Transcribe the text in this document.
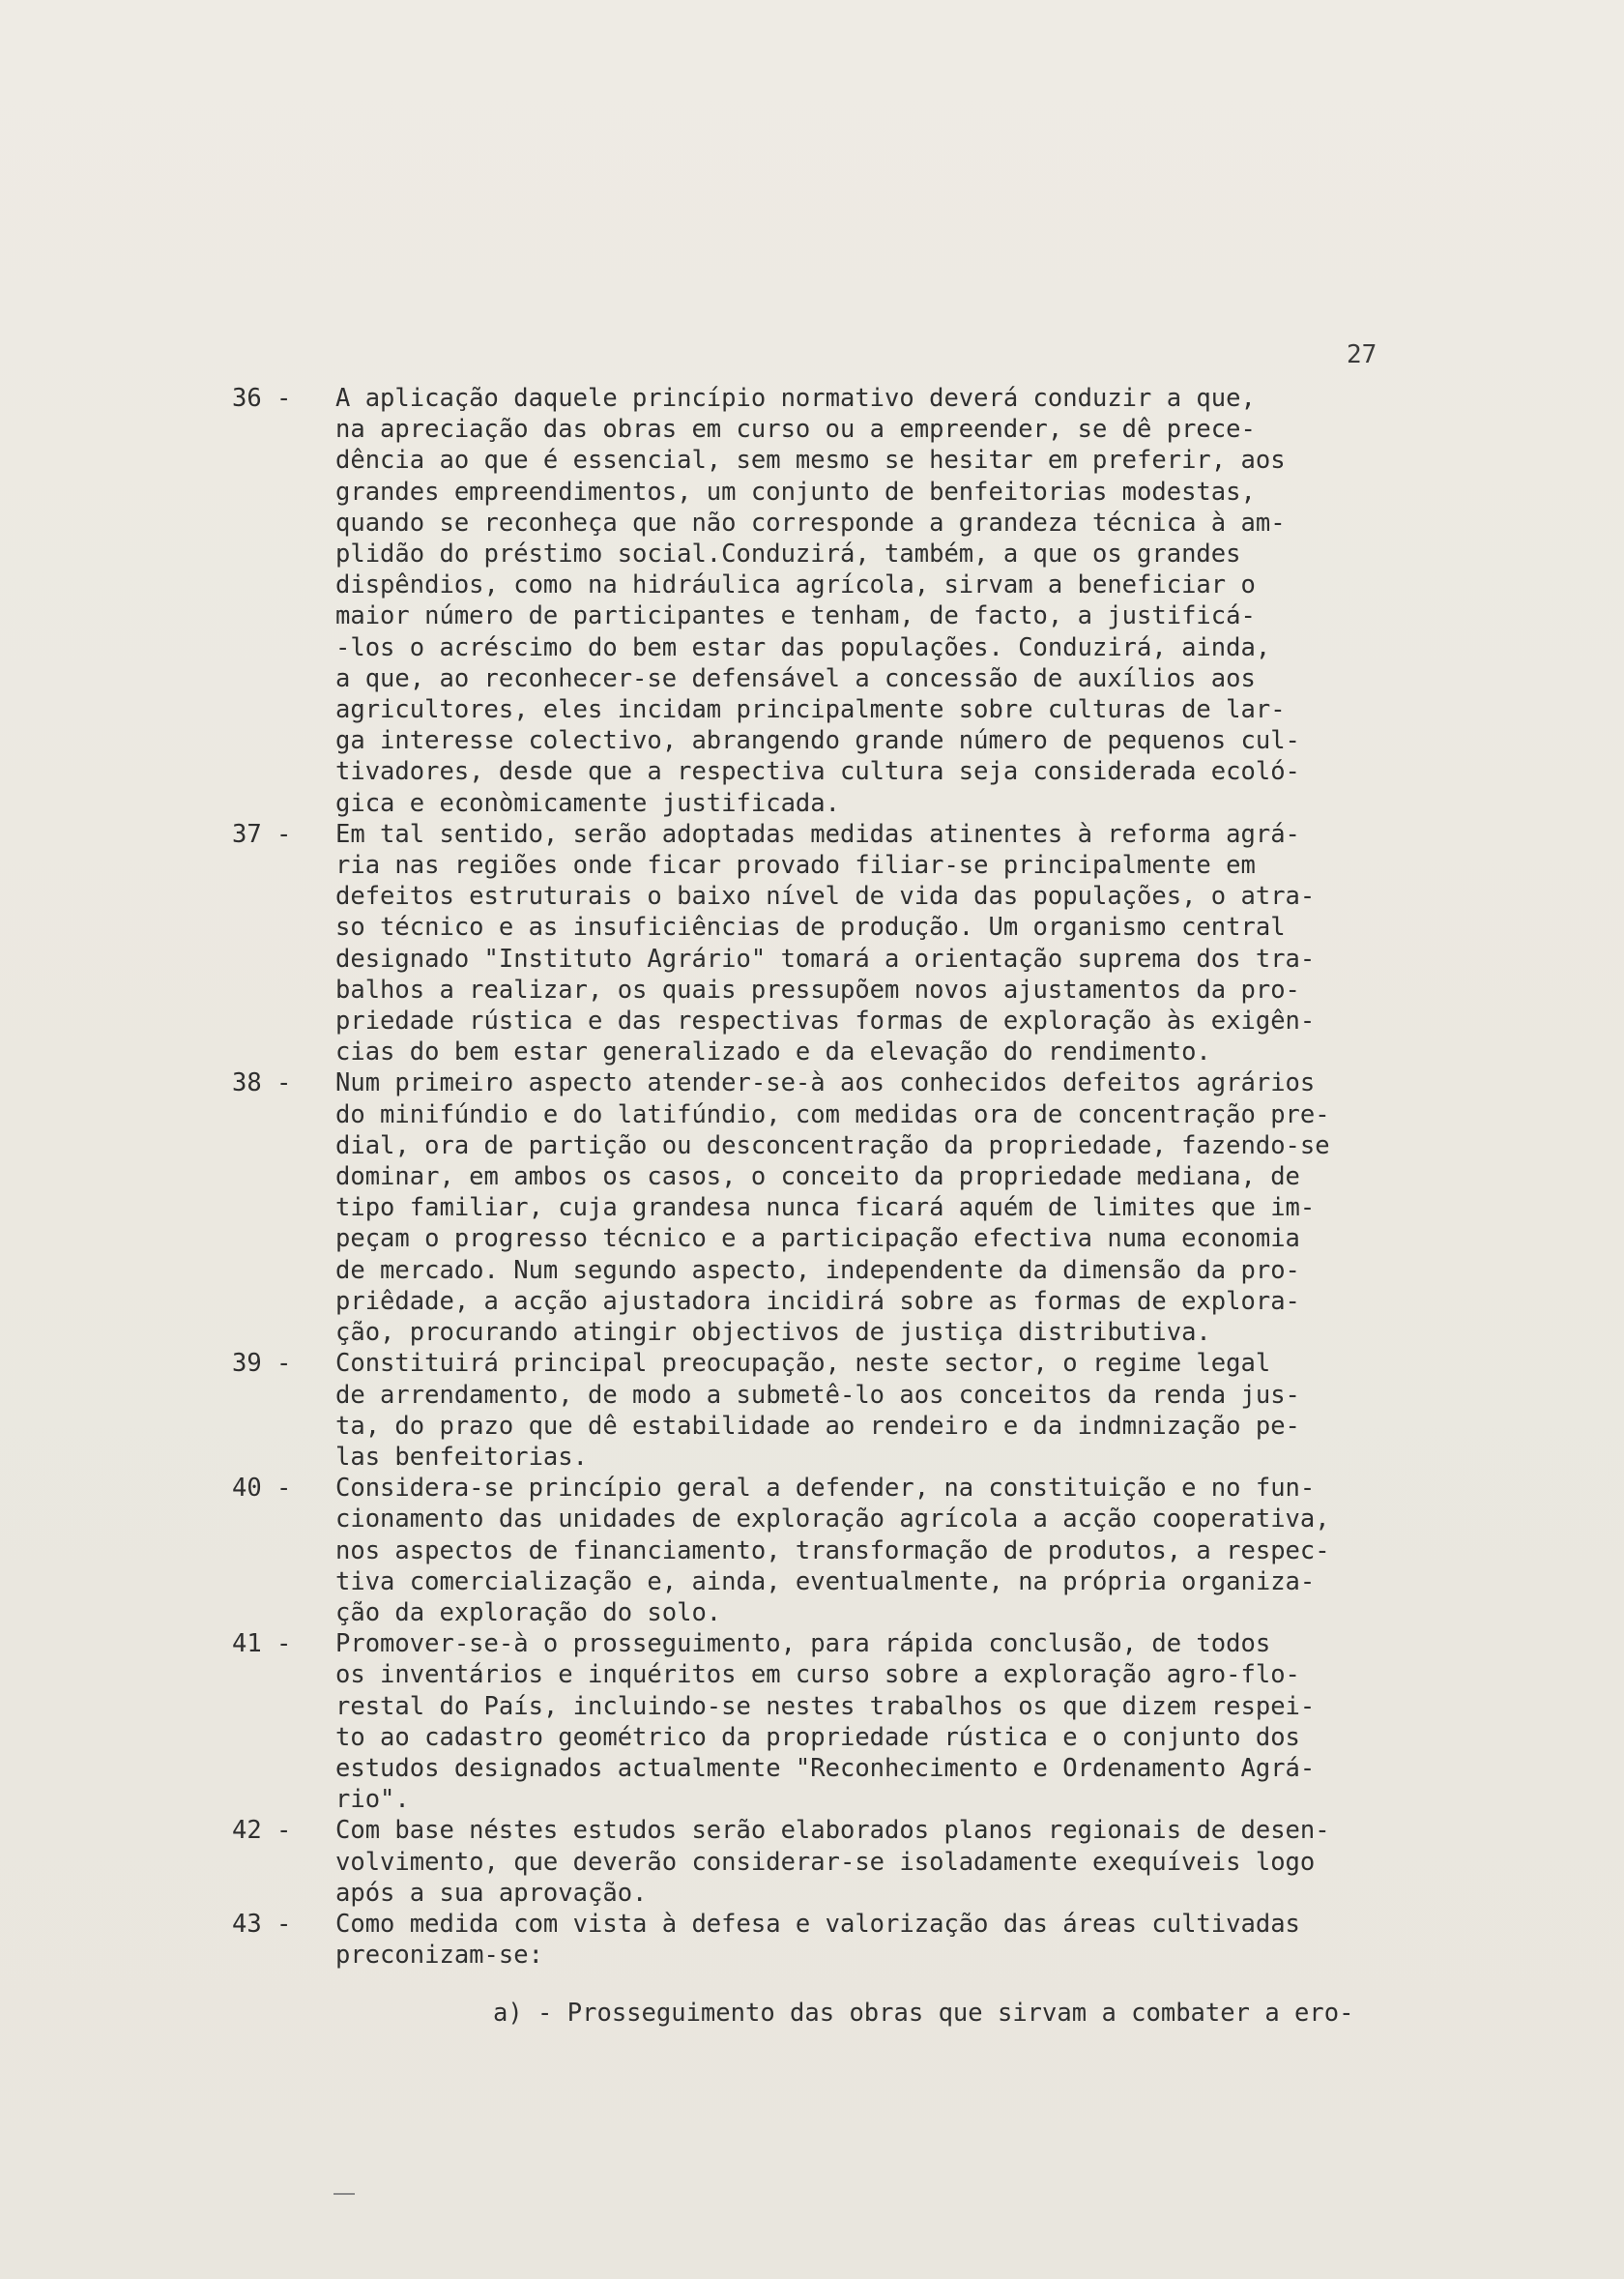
27
36 - A aplicação daquele princípio normativo deverá conduzir a que,
na apreciação das obras em curso ou a empreender, se dê prece-
dência ao que é essencial, sem mesmo se hesitar em preferir, aos
grandes empreendimentos, um conjunto de benfeitorias modestas,
quando se reconheça que não corresponde a grandeza técnica à am-
plidão do préstimo social.Conduzirá, também, a que os grandes
dispêndios, como na hidráulica agrícola, sirvam a beneficiar o
maior número de participantes e tenham, de facto, a justificá-
-los o acréscimo do bem estar das populações. Conduzirá, ainda,
a que, ao reconhecer-se defensável a concessão de auxílios aos
agricultores, eles incidam principalmente sobre culturas de lar-
ga interesse colectivo, abrangendo grande número de pequenos cul-
tivadores, desde que a respectiva cultura seja considerada ecoló-
gica e econòmicamente justificada.
37 - Em tal sentido, serão adoptadas medidas atinentes à reforma agrá-
ria nas regiões onde ficar provado filiar-se principalmente em
defeitos estruturais o baixo nível de vida das populações, o atra-
so técnico e as insuficiências de produção. Um organismo central
designado "Instituto Agrário" tomará a orientação suprema dos tra-
balhos a realizar, os quais pressupõem novos ajustamentos da pro-
priedade rústica e das respectivas formas de exploração às exigên-
cias do bem estar generalizado e da elevação do rendimento.
38 - Num primeiro aspecto atender-se-à aos conhecidos defeitos agrários
do minifúndio e do latifúndio, com medidas ora de concentração pre-
dial, ora de partição ou desconcentração da propriedade, fazendo-se
dominar, em ambos os casos, o conceito da propriedade mediana, de
tipo familiar, cuja grandesa nunca ficará aquém de limites que im-
peçam o progresso técnico e a participação efectiva numa economia
de mercado. Num segundo aspecto, independente da dimensão da pro-
priêdade, a acção ajustadora incidirá sobre as formas de explora-
ção, procurando atingir objectivos de justiça distributiva.
39 - Constituirá principal preocupação, neste sector, o regime legal
de arrendamento, de modo a submetê-lo aos conceitos da renda jus-
ta, do prazo que dê estabilidade ao rendeiro e da indmnização pe-
las benfeitorias.
40 - Considera-se princípio geral a defender, na constituição e no fun-
cionamento das unidades de exploração agrícola a acção cooperativa,
nos aspectos de financiamento, transformação de produtos, a respec-
tiva comercialização e, ainda, eventualmente, na própria organiza-
ção da exploração do solo.
41 - Promover-se-à o prosseguimento, para rápida conclusão, de todos
os inventários e inquéritos em curso sobre a exploração agro-flo-
restal do País, incluindo-se nestes trabalhos os que dizem respei-
to ao cadastro geométrico da propriedade rústica e o conjunto dos
estudos designados actualmente "Reconhecimento e Ordenamento Agrá-
rio".
42 - Com base néstes estudos serão elaborados planos regionais de desen-
volvimento, que deverão considerar-se isoladamente exequíveis logo
após a sua aprovação.
43 - Como medida com vista à defesa e valorização das áreas cultivadas
preconizam-se:
a) - Prosseguimento das obras que sirvam a combater a ero-
